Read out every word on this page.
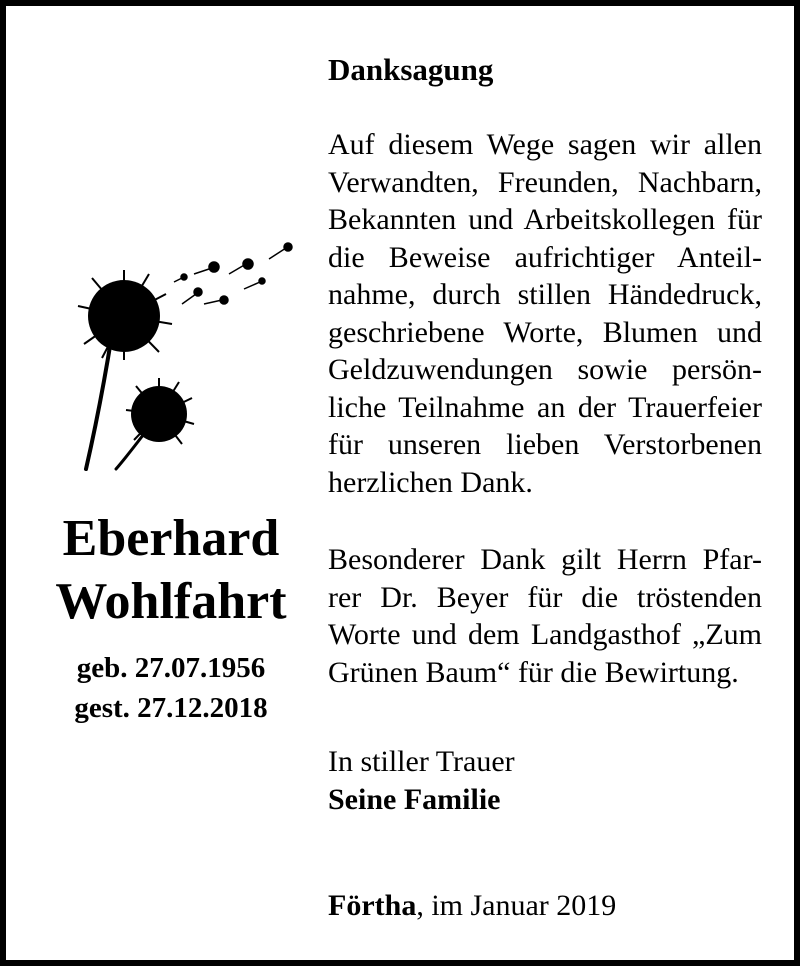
Eberhard
Wohlfahrt
geb. 27.07.1956
gest. 27.12.2018
Danksagung
Auf diesem Wege sagen wir allen
Verwandten, Freunden, Nachbarn,
Bekannten und Arbeitskollegen für
die Beweise aufrichtiger Anteil-
nahme, durch stillen Händedruck,
geschriebene Worte, Blumen und
Geldzuwendungen sowie persön-
liche Teilnahme an der Trauerfeier
für unseren lieben Verstorbenen
herzlichen Dank.
Besonderer Dank gilt Herrn Pfar-
rer Dr. Beyer für die tröstenden
Worte und dem Landgasthof „Zum
Grünen Baum“ für die Bewirtung.
In stiller Trauer
Seine Familie
Förtha, im Januar 2019
